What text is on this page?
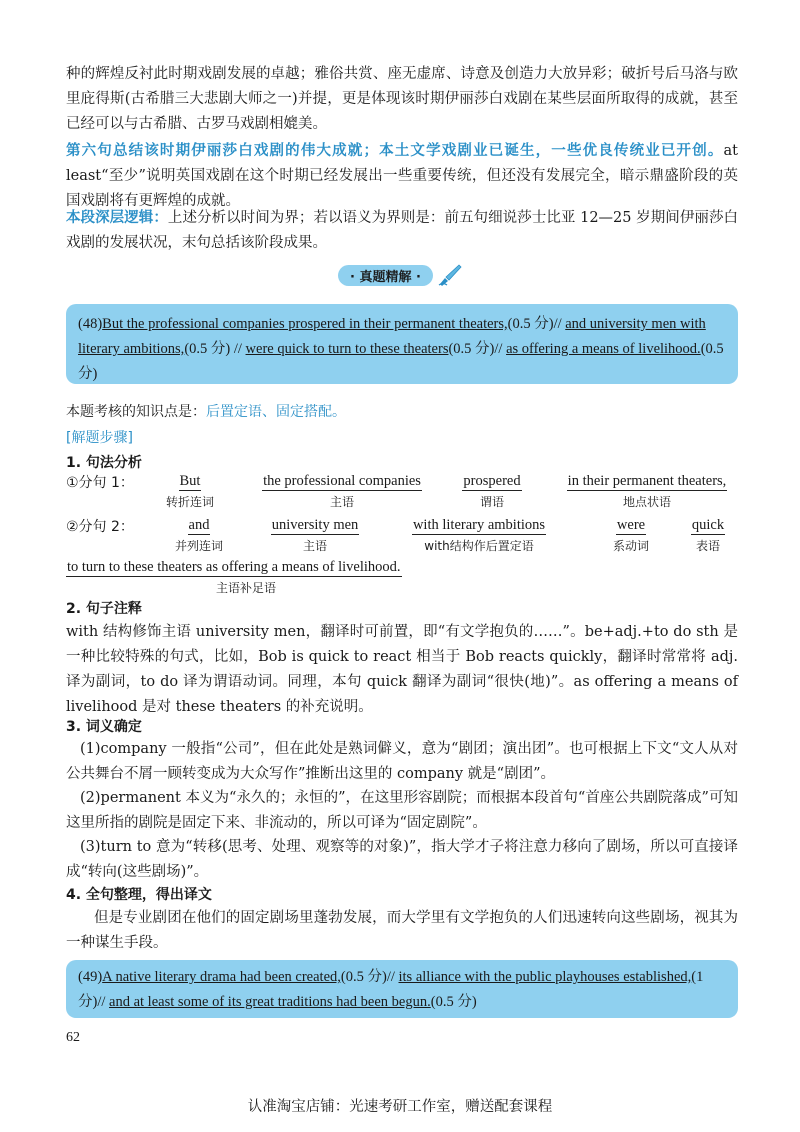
种的辉煌反衬此时期戏剧发展的卓越；雅俗共赏、座无虚席、诗意及创造力大放异彩；破折号后马洛与欧里庇得斯(古希腊三大悲剧大师之一)并提，更是体现该时期伊丽莎白戏剧在某些层面所取得的成就，甚至已经可以与古希腊、古罗马戏剧相媲美。

第六句总结该时期伊丽莎白戏剧的伟大成就；本土文学戏剧业已诞生，一些优良传统业已开创。at least“至少”说明英国戏剧在这个时期已经发展出一些重要传统，但还没有发展完全，暗示鼎盛阶段的英国戏剧将有更辉煌的成就。

本段深层逻辑：上述分析以时间为界；若以语义为界则是：前五句细说莎士比亚 12—25 岁期间伊丽莎白戏剧的发展状况，末句总括该阶段成果。

· 真题精解 ·
(48)But the professional companies prospered in their permanent theaters,(0.5 分)// and university men with literary ambitions,(0.5 分) // were quick to turn to these theaters(0.5 分)// as offering a means of livelihood.(0.5 分)

本题考核的知识点是：后置定语、固定搭配。

[解题步骤]
1. 句法分析
①分句 1：	But
转折连词
the professional companies
主语
prospered
谓语
in their permanent theaters,
地点状语
②分句 2：	and
并列连词
university men
主语
with literary ambitions
with结构作后置定语
were
系动词
quick
表语
to turn to these theaters as offering a means of livelihood.
主语补足语
2. 句子注释

with 结构修饰主语 university men，翻译时可前置，即“有文学抱负的……”。be+adj.+to do sth 是一种比较特殊的句式，比如，Bob is quick to react 相当于 Bob reacts quickly，翻译时常常将 adj. 译为副词，to do 译为谓语动词。同理，本句 quick 翻译为副词“很快(地)”。as offering a means of livelihood 是对 these theaters 的补充说明。

3. 词义确定

(1)company 一般指“公司”，但在此处是熟词僻义，意为“剧团；演出团”。也可根据上下文“文人从对公共舞台不屑一顾转变成为大众写作”推断出这里的 company 就是“剧团”。

(2)permanent 本义为“永久的；永恒的”，在这里形容剧院；而根据本段首句“首座公共剧院落成”可知这里所指的剧院是固定下来、非流动的，所以可译为“固定剧院”。

(3)turn to 意为“转移(思考、处理、观察等的对象)”，指大学才子将注意力移向了剧场，所以可直接译成“转向(这些剧场)”。

4. 全句整理，得出译文

但是专业剧团在他们的固定剧场里蓬勃发展，而大学里有文学抱负的人们迅速转向这些剧场，视其为一种谋生手段。

(49)A native literary drama had been created,(0.5 分)// its alliance with the public playhouses established,(1 分)// and at least some of its great traditions had been begun.(0.5 分)
62
认准淘宝店铺：光速考研工作室，赠送配套课程
